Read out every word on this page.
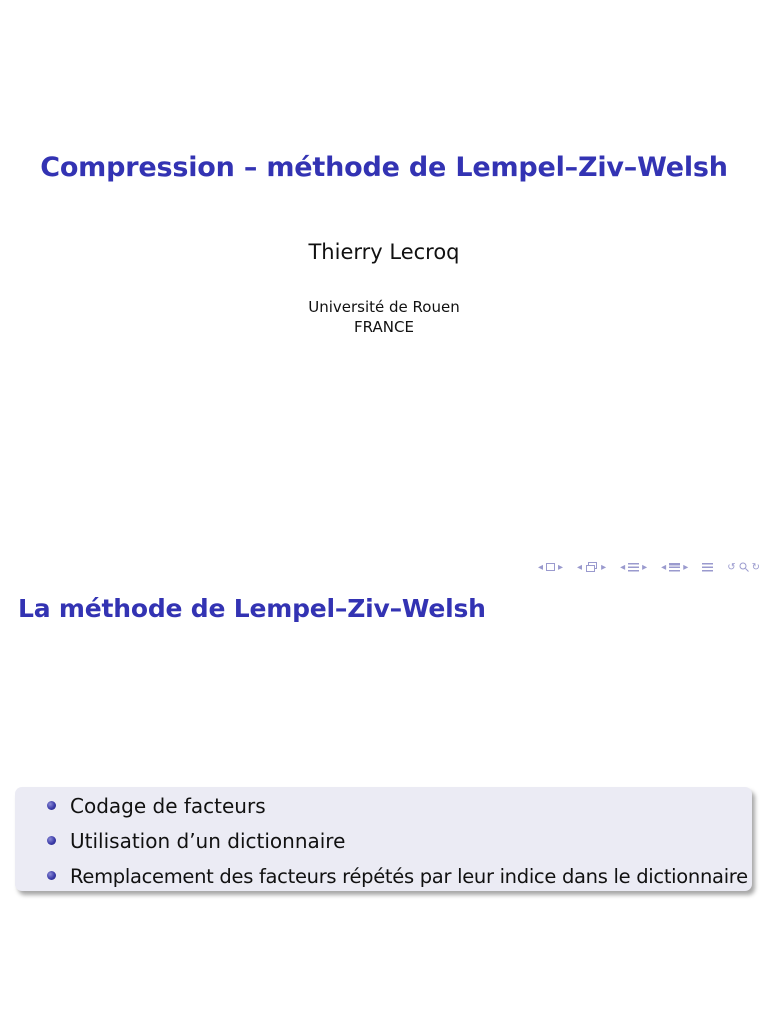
Compression – méthode de Lempel–Ziv–Welsh
Thierry Lecroq
Université de Rouen
FRANCE
◂ ▸ ◂ ▸ ◂ ▸ ◂ ▸	↺ ↻
La méthode de Lempel–Ziv–Welsh
Codage de facteurs
Utilisation d’un dictionnaire
Remplacement des facteurs répétés par leur indice dans le dictionnaire
